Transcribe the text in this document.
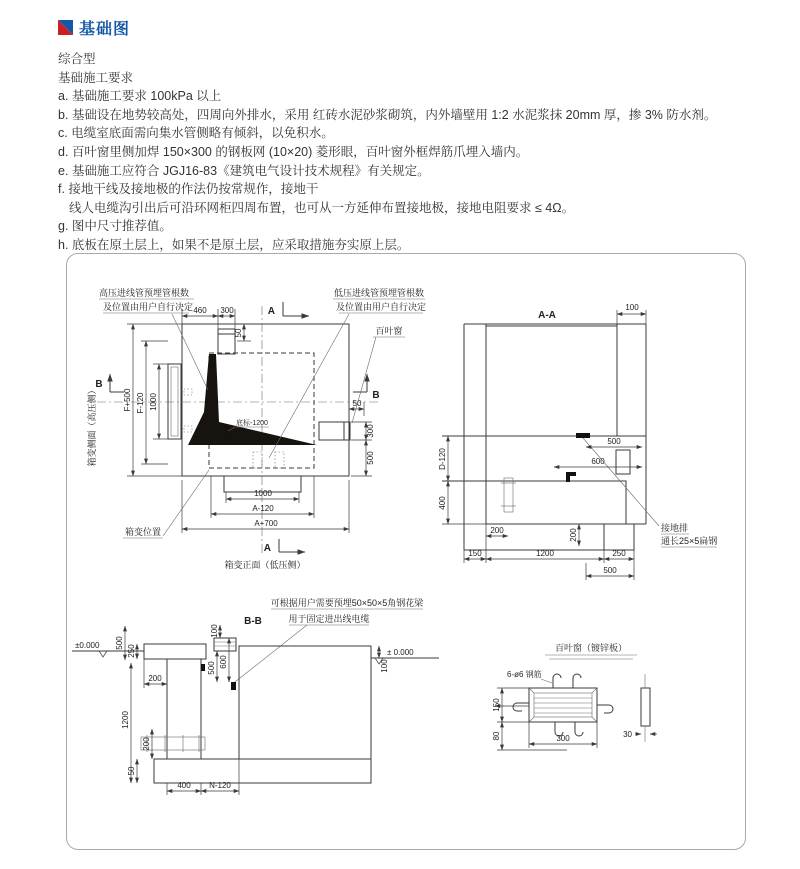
基础图
综合型
基础施工要求
a. 基础施工要求 100kPa 以上
b. 基础设在地势较高处，四周向外排水，采用 红砖水泥砂浆砌筑，内外墙壁用 1:2 水泥浆抹 20mm 厚，掺 3% 防水剂。
c. 电缆室底面需向集水管侧略有倾斜，以免积水。
d. 百叶窗里侧加焊 150×300 的钢板网 (10×20) 菱形眼，百叶窗外框焊筋爪埋入墙内。
e. 基础施工应符合 JGJ16-83《建筑电气设计技术规程》有关规定。
f. 接地干线及接地极的作法仍按常规作，接地干
线人电缆沟引出后可沿环网柜四周布置，也可从一方延伸布置接地极，接地电阻要求 ≤ 4Ω。
g. 图中尺寸推荐值。
h. 底板在原土层上，如果不是原土层，应采取措施夯实原上层。
底标-1200
460 300
50
A
B
B
A
F+500 F-120 1000	50
300
500
1000
A-120
A+700
高压进线管预埋管根数
及位置由用户自行决定
低压进线管预埋管根数
及位置由用户自行决定
百叶窗
箱变位置
箱变侧面（高压侧）
箱变正面（低压侧）
A-A
接地排
通长25×5扁钢
100
500
600
D-120
400
150	1200	250
500
200	200
B-B
可根据用户需要预埋50×50×5角钢花梁
用于固定进出线电缆
±0.000
± 0.000
100
500
250
1200
200
200
50
100
600
500
400 N-120
百叶窗（镀锌板）
6-ø6 钢筋
150
80	300	30
